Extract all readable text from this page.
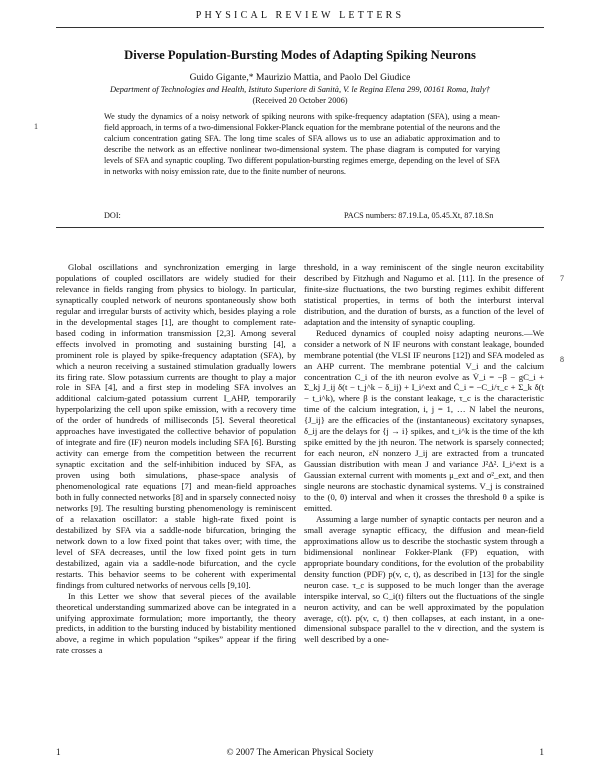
PHYSICAL REVIEW LETTERS
Diverse Population-Bursting Modes of Adapting Spiking Neurons
Guido Gigante,* Maurizio Mattia, and Paolo Del Giudice
Department of Technologies and Health, Istituto Superiore di Sanità, V. le Regina Elena 299, 00161 Roma, Italy†
(Received 20 October 2006)
1
We study the dynamics of a noisy network of spiking neurons with spike-frequency adaptation (SFA), using a mean-field approach, in terms of a two-dimensional Fokker-Planck equation for the membrane potential of the neurons and the calcium concentration gating SFA. The long time scales of SFA allows us to use an adiabatic approximation and to describe the network as an effective nonlinear two-dimensional system. The phase diagram is computed for varying levels of SFA and synaptic coupling. Two different population-bursting regimes emerge, depending on the level of SFA in networks with noisy emission rate, due to the finite number of neurons.
DOI:	PACS numbers: 87.19.La, 05.45.Xt, 87.18.Sn

Global oscillations and synchronization emerging in large populations of coupled oscillators are widely studied for their relevance in fields ranging from physics to biology. In particular, synaptically coupled network of neurons spontaneously show both regular and irregular bursts of activity which, besides playing a role in the developmental stages [1], are thought to complement rate-based coding in information transmission [2,3]. Among several effects involved in promoting and sustaining bursting [4], a prominent role is played by spike-frequency adaptation (SFA), by which a neuron receiving a sustained stimulation gradually lowers its firing rate. Slow potassium currents are thought to play a major role in SFA [4], and a first step in modeling SFA involves an additional calcium-gated potassium current I_AHP, temporarily hyperpolarizing the cell upon spike emission, with a recovery time of the order of hundreds of milliseconds [5]. Several theoretical approaches have investigated the collective behavior of population of integrate and fire (IF) neuron models including SFA [6]. Bursting activity can emerge from the competition between the recurrent synaptic excitation and the self-inhibition induced by SFA, as proven using both simulations, phase-space analysis of phenomenological rate equations [7] and mean-field approaches both in fully connected networks [8] and in sparsely connected noisy networks [9]. The resulting bursting phenomenology is reminiscent of a relaxation oscillator: a stable high-rate fixed point is destabilized by SFA via a saddle-node bifurcation, bringing the network down to a low fixed point that takes over; with time, the level of SFA decreases, until the low fixed point gets in turn destabilized, again via a saddle-node bifurcation, and the cycle restarts. This behavior seems to be coherent with experimental findings from cultured networks of nervous cells [9,10].

In this Letter we show that several pieces of the available theoretical understanding summarized above can be integrated in a unifying approximate formulation; more importantly, the theory predicts, in addition to the bursting induced by bistability mentioned above, a regime in which population “spikes” appear if the firing rate crosses a

7
8

threshold, in a way reminiscent of the single neuron excitability described by Fitzhugh and Nagumo et al. [11]. In the presence of finite-size fluctuations, the two bursting regimes exhibit different statistical properties, in terms of both the interburst interval distribution, and the duration of bursts, as a function of the level of adaptation and the intensity of synaptic coupling.

Reduced dynamics of coupled noisy adapting neurons.—We consider a network of N IF neurons with constant leakage, bounded membrane potential (the VLSI IF neurons [12]) and SFA modeled as an AHP current. The membrane potential V_i and the calcium concentration C_i of the ith neuron evolve as V̇_i = −β − gC_i + Σ_kj J_ij δ(t − t_j^k − δ_ij) + I_i^ext and Ċ_i = −C_i/τ_c + Σ_k δ(t − t_i^k), where β is the constant leakage, τ_c is the characteristic time of the calcium integration, i, j = 1, … N label the neurons, {J_ij} are the efficacies of the (instantaneous) excitatory synapses, δ_ij are the delays for {j → i} spikes, and t_i^k is the time of the kth spike emitted by the jth neuron. The network is sparsely connected; for each neuron, εN nonzero J_ij are extracted from a truncated Gaussian distribution with mean J and variance J²Δ². I_i^ext is a Gaussian external current with moments μ_ext and σ²_ext, and then single neurons are stochastic dynamical systems. V_j is constrained to the (0, θ) interval and when it crosses the threshold θ a spike is emitted.

Assuming a large number of synaptic contacts per neuron and a small average synaptic efficacy, the diffusion and mean-field approximations allow us to describe the stochastic system through a bidimensional nonlinear Fokker-Plank (FP) equation, with appropriate boundary conditions, for the evolution of the probability density function (PDF) p(v, c, t), as described in [13] for the single neuron case. τ_c is supposed to be much longer than the average interspike interval, so C_i(t) filters out the fluctuations of the single neuron activity, and can be well approximated by the population average, c(t). p(v, c, t) then collapses, at each instant, in a one-dimensional subspace parallel to the v direction, and the system is well described by a one-

1	© 2007 The American Physical Society	1
